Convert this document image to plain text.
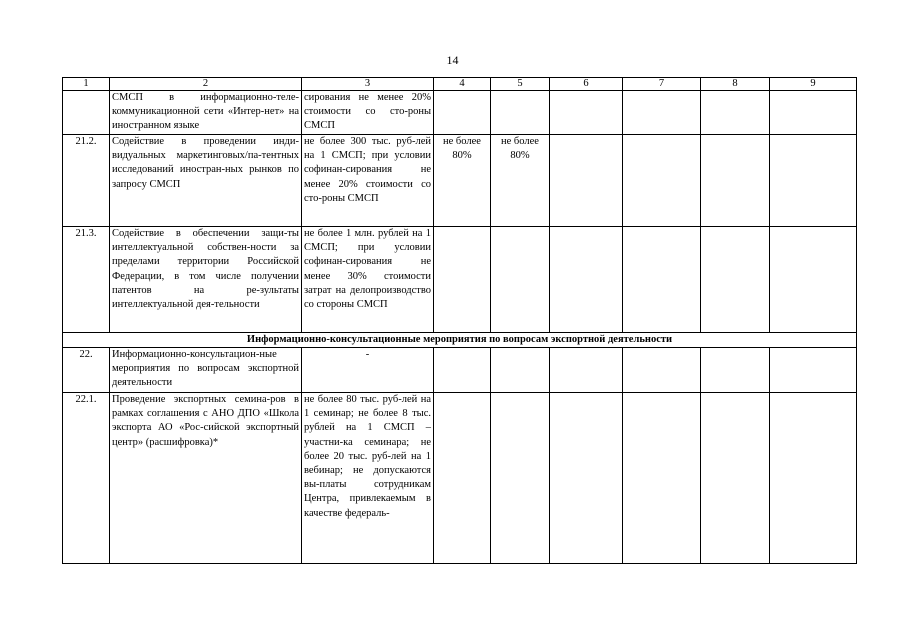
14
1	2	3	4	5	6	7	8	9
	СМСП в информационно-теле-коммуникационной сети «Интер-нет» на иностранном языке	сирования не менее 20% стоимости со сто-роны СМСП						
21.2.	Содействие в проведении инди-видуальных маркетинговых/па-тентных исследований иностран-ных рынков по запросу СМСП	не более 300 тыс. руб-лей на 1 СМСП; при условии софинан-сирования не менее 20% стоимости со сто-роны СМСП	не более 80%	не более 80%				
21.3.	Содействие в обеспечении защи-ты интеллектуальной собствен-ности за пределами территории Российской Федерации, в том числе получении патентов на ре-зультаты интеллектуальной дея-тельности	не более 1 млн. рублей на 1 СМСП; при условии софинан-сирования не менее 30% стоимости затрат на делопроизводство со стороны СМСП						
Информационно-консультационные мероприятия по вопросам экспортной деятельности								
22.	Информационно-консультацион-ные мероприятия по вопросам экспортной деятельности	-						
22.1.	Проведение экспортных семина-ров в рамках соглашения с АНО ДПО «Школа экспорта АО «Рос-сийской экспортный центр» (расшифровка)*	не более 80 тыс. руб-лей на 1 семинар; не более 8 тыс. рублей на 1 СМСП – участни-ка семинара; не более 20 тыс. руб-лей на 1 вебинар; не допускаются вы-платы сотрудникам Центра, привлекаемым в качестве федераль-						
